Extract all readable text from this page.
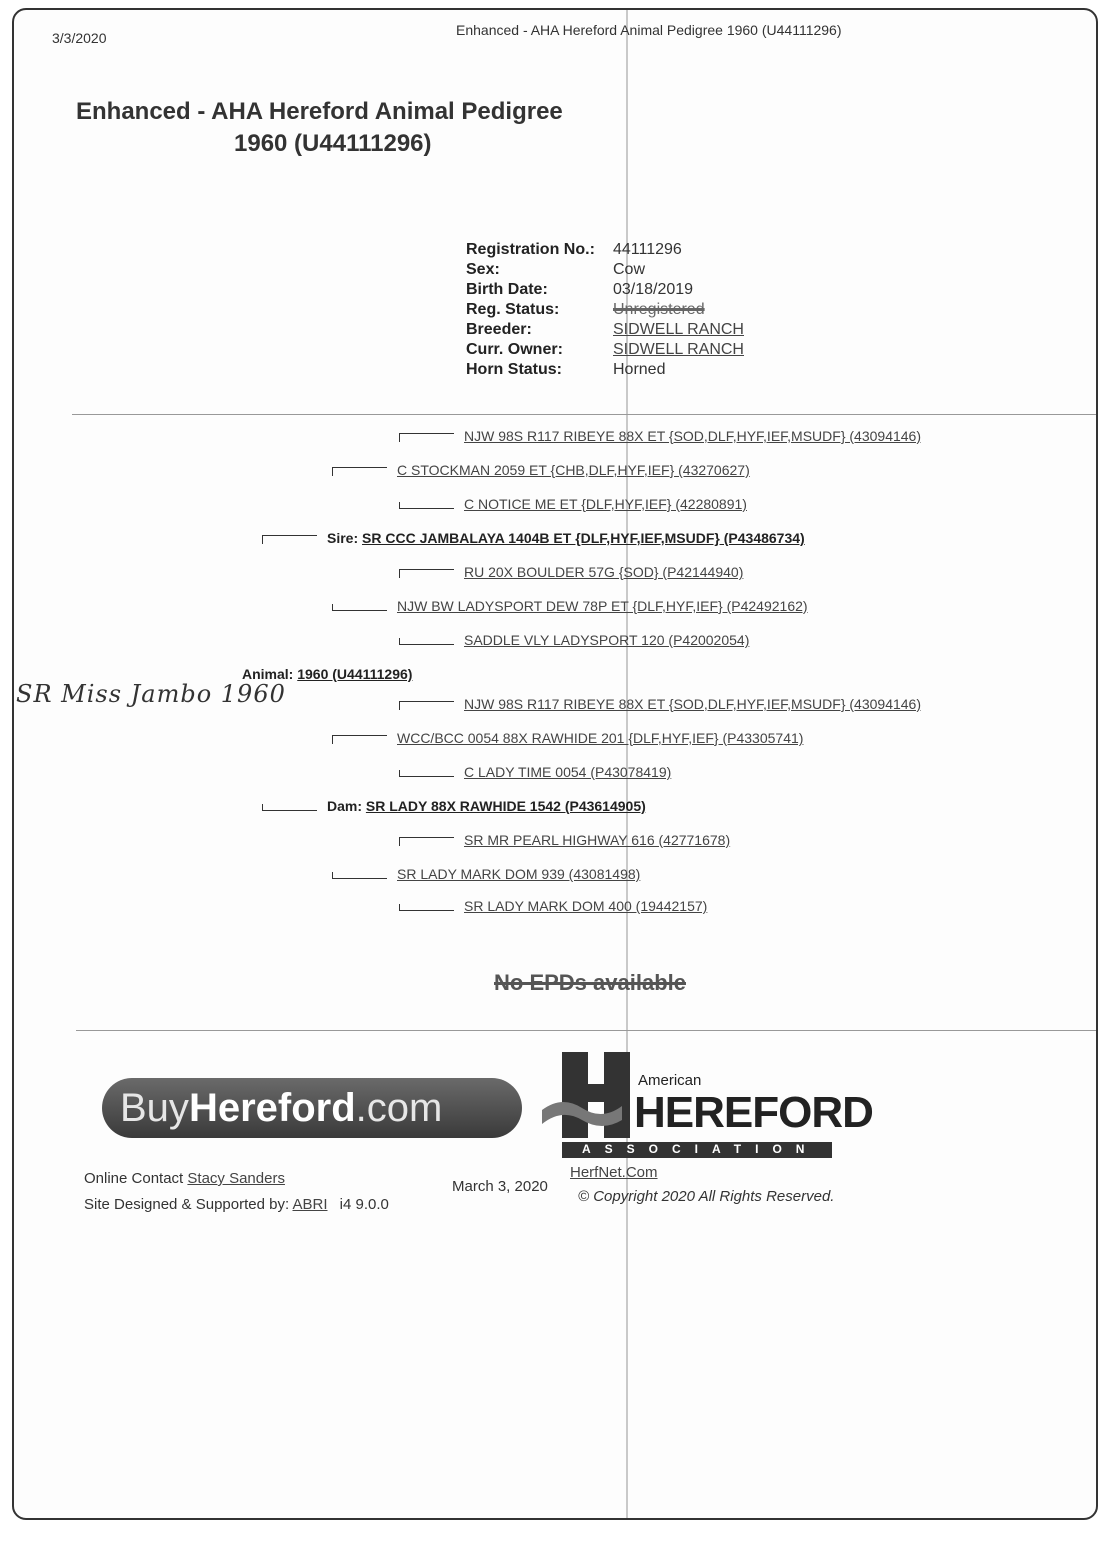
3/3/2020	Enhanced - AHA Hereford Animal Pedigree 1960 (U44111296)
Enhanced - AHA Hereford Animal Pedigree
1960 (U44111296)
Registration No.:	44111296
Sex:	Cow
Birth Date:	03/18/2019
Reg. Status:	Unregistered
Breeder:	SIDWELL RANCH
Curr. Owner:	SIDWELL RANCH
Horn Status:	Horned
NJW 98S R117 RIBEYE 88X ET {SOD,DLF,HYF,IEF,MSUDF} (43094146)
C STOCKMAN 2059 ET {CHB,DLF,HYF,IEF} (43270627)
C NOTICE ME ET {DLF,HYF,IEF} (42280891)
Sire: SR CCC JAMBALAYA 1404B ET {DLF,HYF,IEF,MSUDF} (P43486734)
RU 20X BOULDER 57G {SOD} (P42144940)
NJW BW LADYSPORT DEW 78P ET {DLF,HYF,IEF} (P42492162)
SADDLE VLY LADYSPORT 120 (P42002054)
Animal: 1960 (U44111296)
SR Miss Jambo 1960	NJW 98S R117 RIBEYE 88X ET {SOD,DLF,HYF,IEF,MSUDF} (43094146)
WCC/BCC 0054 88X RAWHIDE 201 {DLF,HYF,IEF} (P43305741)
C LADY TIME 0054 (P43078419)
Dam: SR LADY 88X RAWHIDE 1542 (P43614905)
SR MR PEARL HIGHWAY 616 (42771678)
SR LADY MARK DOM 939 (43081498)
SR LADY MARK DOM 400 (19442157)
No EPDs available
Buy Hereford .com
American
HEREFORD
ASSOCIATION
Online Contact Stacy Sanders
Site Designed & Supported by: ABRI i4 9.0.0
March 3, 2020
HerfNet.Com
© Copyright 2020 All Rights Reserved.
